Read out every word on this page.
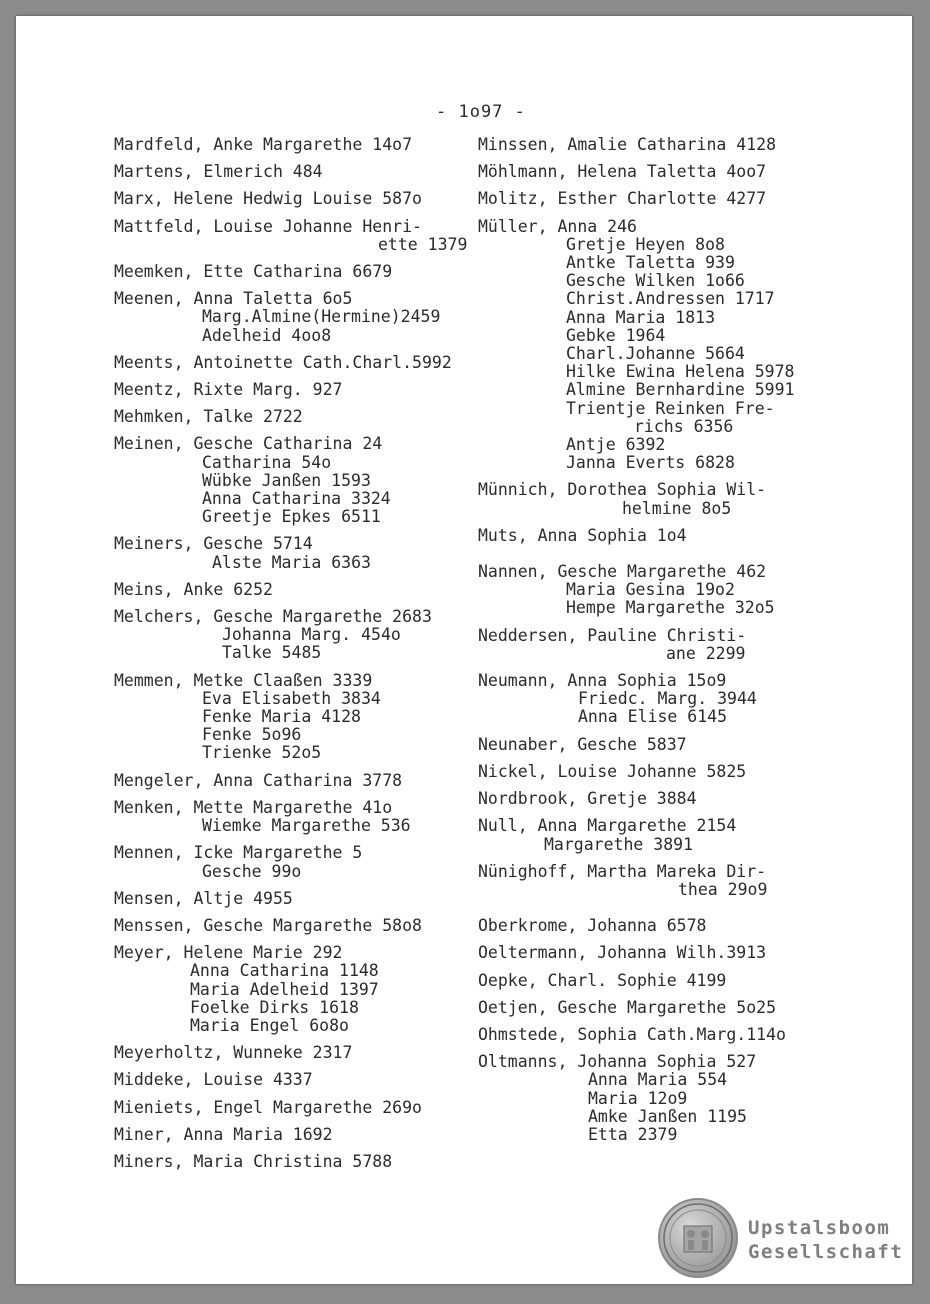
- 1o97 -
Mardfeld, Anke Margarethe 14o7
Martens, Elmerich 484
Marx, Helene Hedwig Louise 587o
Mattfeld, Louise Johanne Henri-
ette 1379
Meemken, Ette Catharina 6679
Meenen, Anna Taletta 6o5
Marg.Almine(Hermine)2459
Adelheid 4oo8
Meents, Antoinette Cath.Charl.5992
Meentz, Rixte Marg. 927
Mehmken, Talke 2722
Meinen, Gesche Catharina 24
Catharina 54o
Wübke Janßen 1593
Anna Catharina 3324
Greetje Epkes 6511
Meiners, Gesche 5714
Alste Maria 6363
Meins, Anke 6252
Melchers, Gesche Margarethe 2683
Johanna Marg. 454o
Talke 5485
Memmen, Metke Claaßen 3339
Eva Elisabeth 3834
Fenke Maria 4128
Fenke 5o96
Trienke 52o5
Mengeler, Anna Catharina 3778
Menken, Mette Margarethe 41o
Wiemke Margarethe 536
Mennen, Icke Margarethe 5
Gesche 99o
Mensen, Altje 4955
Menssen, Gesche Margarethe 58o8
Meyer, Helene Marie 292
Anna Catharina 1148
Maria Adelheid 1397
Foelke Dirks 1618
Maria Engel 6o8o
Meyerholtz, Wunneke 2317
Middeke, Louise 4337
Mieniets, Engel Margarethe 269o
Miner, Anna Maria 1692
Miners, Maria Christina 5788
Minssen, Amalie Catharina 4128
Möhlmann, Helena Taletta 4oo7
Molitz, Esther Charlotte 4277
Müller, Anna 246
Gretje Heyen 8o8
Antke Taletta 939
Gesche Wilken 1o66
Christ.Andressen 1717
Anna Maria 1813
Gebke 1964
Charl.Johanne 5664
Hilke Ewina Helena 5978
Almine Bernhardine 5991
Trientje Reinken Fre-
richs 6356
Antje 6392
Janna Everts 6828
Münnich, Dorothea Sophia Wil-
helmine 8o5
Muts, Anna Sophia 1o4
Nannen, Gesche Margarethe 462
Maria Gesina 19o2
Hempe Margarethe 32o5
Neddersen, Pauline Christi-
ane 2299
Neumann, Anna Sophia 15o9
Friedc. Marg. 3944
Anna Elise 6145
Neunaber, Gesche 5837
Nickel, Louise Johanne 5825
Nordbrook, Gretje 3884
Null, Anna Margarethe 2154
Margarethe 3891
Nünighoff, Martha Mareka Dir-
thea 29o9
Oberkrome, Johanna 6578
Oeltermann, Johanna Wilh.3913
Oepke, Charl. Sophie 4199
Oetjen, Gesche Margarethe 5o25
Ohmstede, Sophia Cath.Marg.114o
Oltmanns, Johanna Sophia 527
Anna Maria 554
Maria 12o9
Amke Janßen 1195
Etta 2379
Upstalsboom
Gesellschaft
